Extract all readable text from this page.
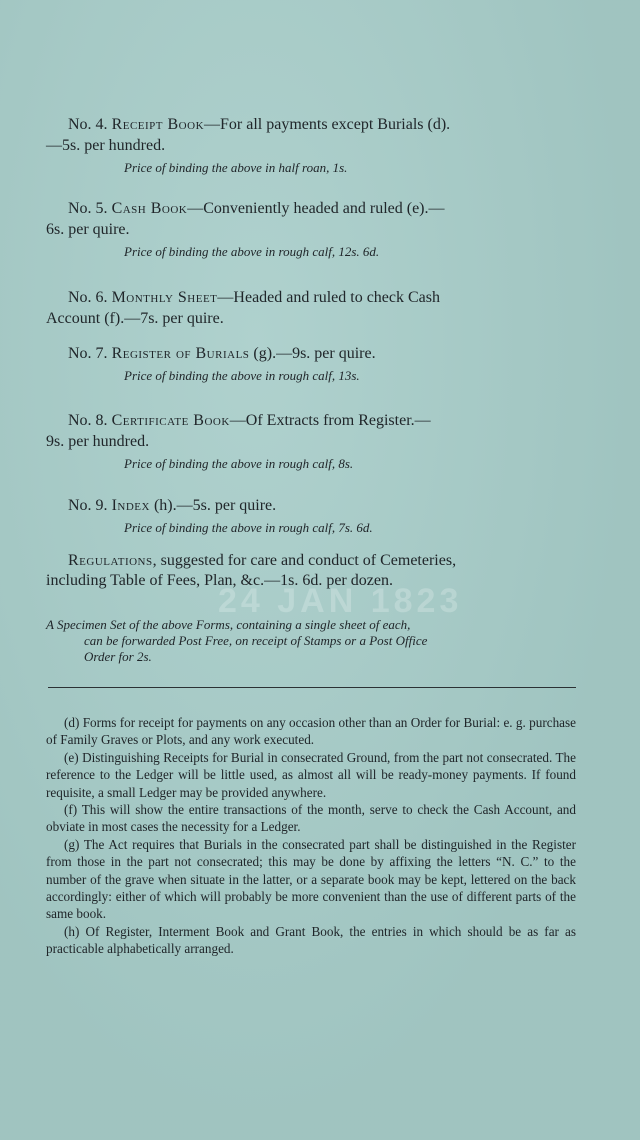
24 JAN 1823
No. 4. Receipt Book—For all payments except Burials (d).
—5s. per hundred.
Price of binding the above in half roan, 1s.
No. 5. Cash Book—Conveniently headed and ruled (e).—
6s. per quire.
Price of binding the above in rough calf, 12s. 6d.
No. 6. Monthly Sheet—Headed and ruled to check Cash
Account (f).—7s. per quire.
No. 7. Register of Burials (g).—9s. per quire.
Price of binding the above in rough calf, 13s.
No. 8. Certificate Book—Of Extracts from Register.—
9s. per hundred.
Price of binding the above in rough calf, 8s.
No. 9. Index (h).—5s. per quire.
Price of binding the above in rough calf, 7s. 6d.
Regulations, suggested for care and conduct of Cemeteries,
including Table of Fees, Plan, &c.—1s. 6d. per dozen.
A Specimen Set of the above Forms, containing a single sheet of each,
can be forwarded Post Free, on receipt of Stamps or a Post Office
Order for 2s.

(d) Forms for receipt for payments on any occasion other than an Order for Burial: e. g. purchase of Family Graves or Plots, and any work executed.

(e) Distinguishing Receipts for Burial in consecrated Ground, from the part not consecrated. The reference to the Ledger will be little used, as almost all will be ready-money payments. If found requisite, a small Ledger may be provided anywhere.

(f) This will show the entire transactions of the month, serve to check the Cash Account, and obviate in most cases the necessity for a Ledger.

(g) The Act requires that Burials in the consecrated part shall be distinguished in the Register from those in the part not consecrated; this may be done by affixing the letters “N. C.” to the number of the grave when situate in the latter, or a separate book may be kept, lettered on the back accordingly: either of which will probably be more convenient than the use of different parts of the same book.

(h) Of Register, Interment Book and Grant Book, the entries in which should be as far as practicable alphabetically arranged.
